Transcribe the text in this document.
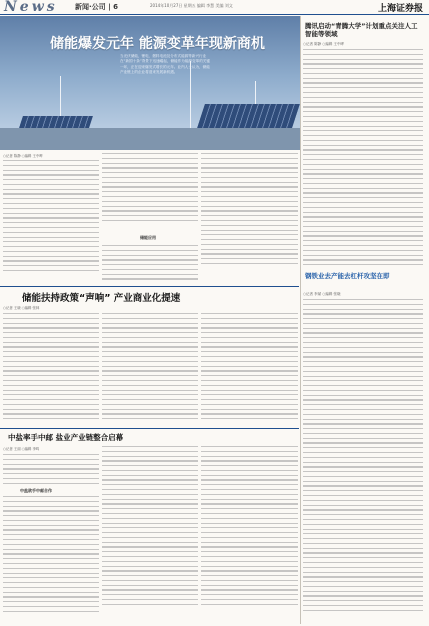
News 新闻·公司 | 6	2014年10月27日 星期五 编辑 李慧 美编 刘文	上海证券报
储能爆发元年 能源变革年现新商机
当光伏储能，锂电、燃料电池及分布式能源等新兴行业在“新国十条”背景下迅速崛起，储能作为能源变革的关键一环，正在迎来爆发式增长的元年。业内人士认为，储能产业链上的企业将迎来发展新机遇。
○记者 陈静 ○编辑 王中晔
储能应用
储能扶持政策“声响” 产业商业化提速
○记者 王晓 ○编辑 张林
中盐率手中邮 盐业产业链整合启幕
○记者 王丽 ○编辑 李鸣
中盐欲手中邮合作
腾讯启动“青腾大学”计划重点关注人工智能等领域
○记者 陈静 ○编辑 王中晔
钢铁业去产能去杠杆攻坚在即
○记者 李斌 ○编辑 张晓
